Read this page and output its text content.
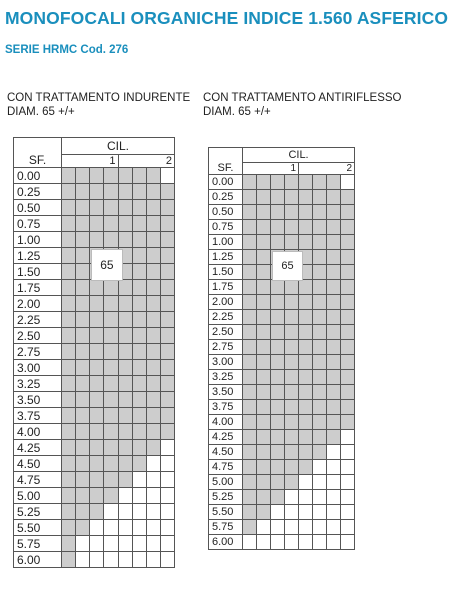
MONOFOCALI ORGANICHE INDICE 1.560 ASFERICO
SERIE HRMC Cod. 276
CON TRATTAMENTO INDURENTE
DIAM. 65 +/+
CON TRATTAMENTO ANTIRIFLESSO
DIAM. 65 +/+
SF.	CIL.							
	1				2			
0.00								
0.25								
0.50								
0.75								
1.00								
1.25								
1.50								
1.75								
2.00								
2.25								
2.50								
2.75								
3.00								
3.25								
3.50								
3.75								
4.00								
4.25								
4.50								
4.75								
5.00								
5.25								
5.50								
5.75								
6.00								
SF.	CIL.							
	1				2			
0.00								
0.25								
0.50								
0.75								
1.00								
1.25								
1.50								
1.75								
2.00								
2.25								
2.50								
2.75								
3.00								
3.25								
3.50								
3.75								
4.00								
4.25								
4.50								
4.75								
5.00								
5.25								
5.50								
5.75								
6.00								
65	65
